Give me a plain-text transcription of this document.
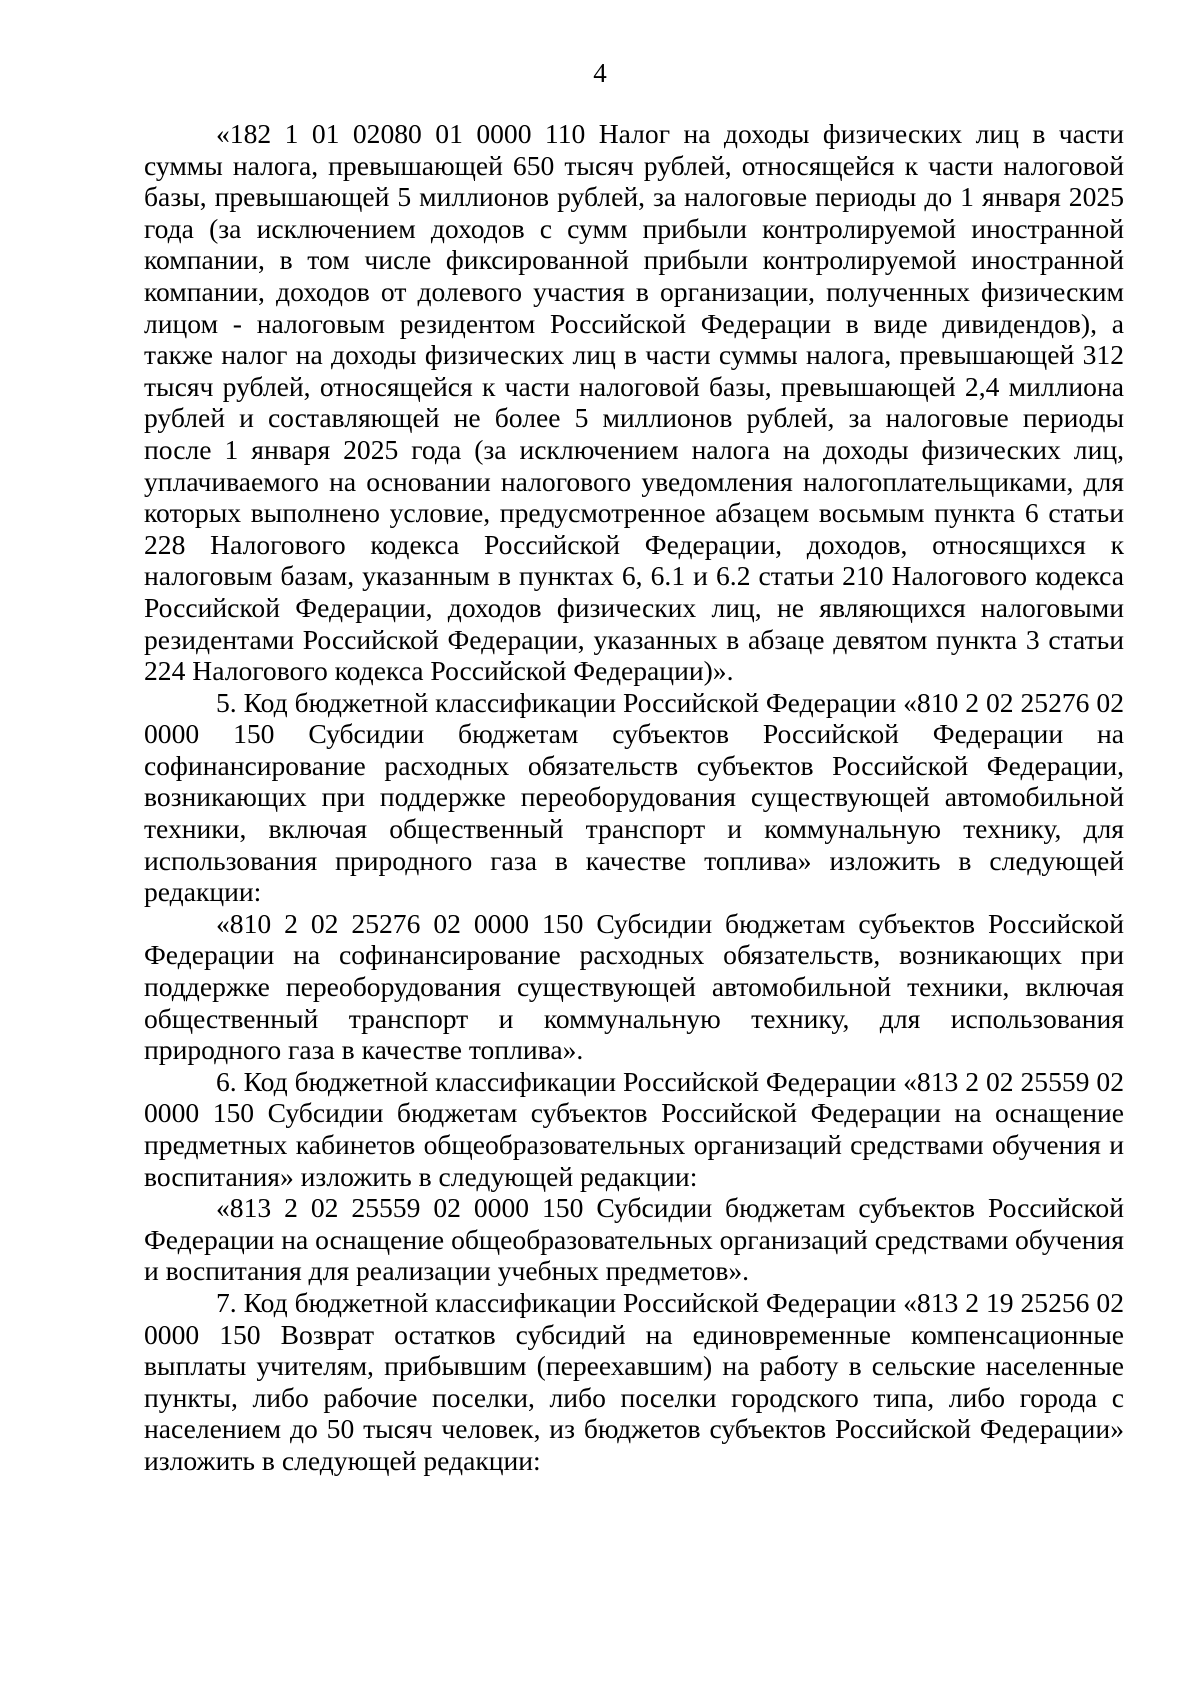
4

«182 1 01 02080 01 0000 110 Налог на доходы физических лиц в части суммы налога, превышающей 650 тысяч рублей, относящейся к части налоговой базы, превышающей 5 миллионов рублей, за налоговые периоды до 1 января 2025 года (за исключением доходов с сумм прибыли контролируемой иностранной компании, в том числе фиксированной прибыли контролируемой иностранной компании, доходов от долевого участия в организации, полученных физическим лицом - налоговым резидентом Российской Федерации в виде дивидендов), а также налог на доходы физических лиц в части суммы налога, превышающей 312 тысяч рублей, относящейся к части налоговой базы, превышающей 2,4 миллиона рублей и составляющей не более 5 миллионов рублей, за налоговые периоды после 1 января 2025 года (за исключением налога на доходы физических лиц, уплачиваемого на основании налогового уведомления налогоплательщиками, для которых выполнено условие, предусмотренное абзацем восьмым пункта 6 статьи 228 Налогового кодекса Российской Федерации, доходов, относящихся к налоговым базам, указанным в пунктах 6, 6.1 и 6.2 статьи 210 Налогового кодекса Российской Федерации, доходов физических лиц, не являющихся налоговыми резидентами Российской Федерации, указанных в абзаце девятом пункта 3 статьи 224 Налогового кодекса Российской Федерации)».

5. Код бюджетной классификации Российской Федерации «810 2 02 25276 02 0000 150 Субсидии бюджетам субъектов Российской Федерации на софинансирование расходных обязательств субъектов Российской Федерации, возникающих при поддержке переоборудования существующей автомобильной техники, включая общественный транспорт и коммунальную технику, для использования природного газа в качестве топлива» изложить в следующей редакции:

«810 2 02 25276 02 0000 150 Субсидии бюджетам субъектов Российской Федерации на софинансирование расходных обязательств, возникающих при поддержке переоборудования существующей автомобильной техники, включая общественный транспорт и коммунальную технику, для использования природного газа в качестве топлива».

6. Код бюджетной классификации Российской Федерации «813 2 02 25559 02 0000 150 Субсидии бюджетам субъектов Российской Федерации на оснащение предметных кабинетов общеобразовательных организаций средствами обучения и воспитания» изложить в следующей редакции:

«813 2 02 25559 02 0000 150 Субсидии бюджетам субъектов Российской Федерации на оснащение общеобразовательных организаций средствами обучения и воспитания для реализации учебных предметов».

7. Код бюджетной классификации Российской Федерации «813 2 19 25256 02 0000 150 Возврат остатков субсидий на единовременные компенсационные выплаты учителям, прибывшим (переехавшим) на работу в сельские населенные пункты, либо рабочие поселки, либо поселки городского типа, либо города с населением до 50 тысяч человек, из бюджетов субъектов Российской Федерации» изложить в следующей редакции:
